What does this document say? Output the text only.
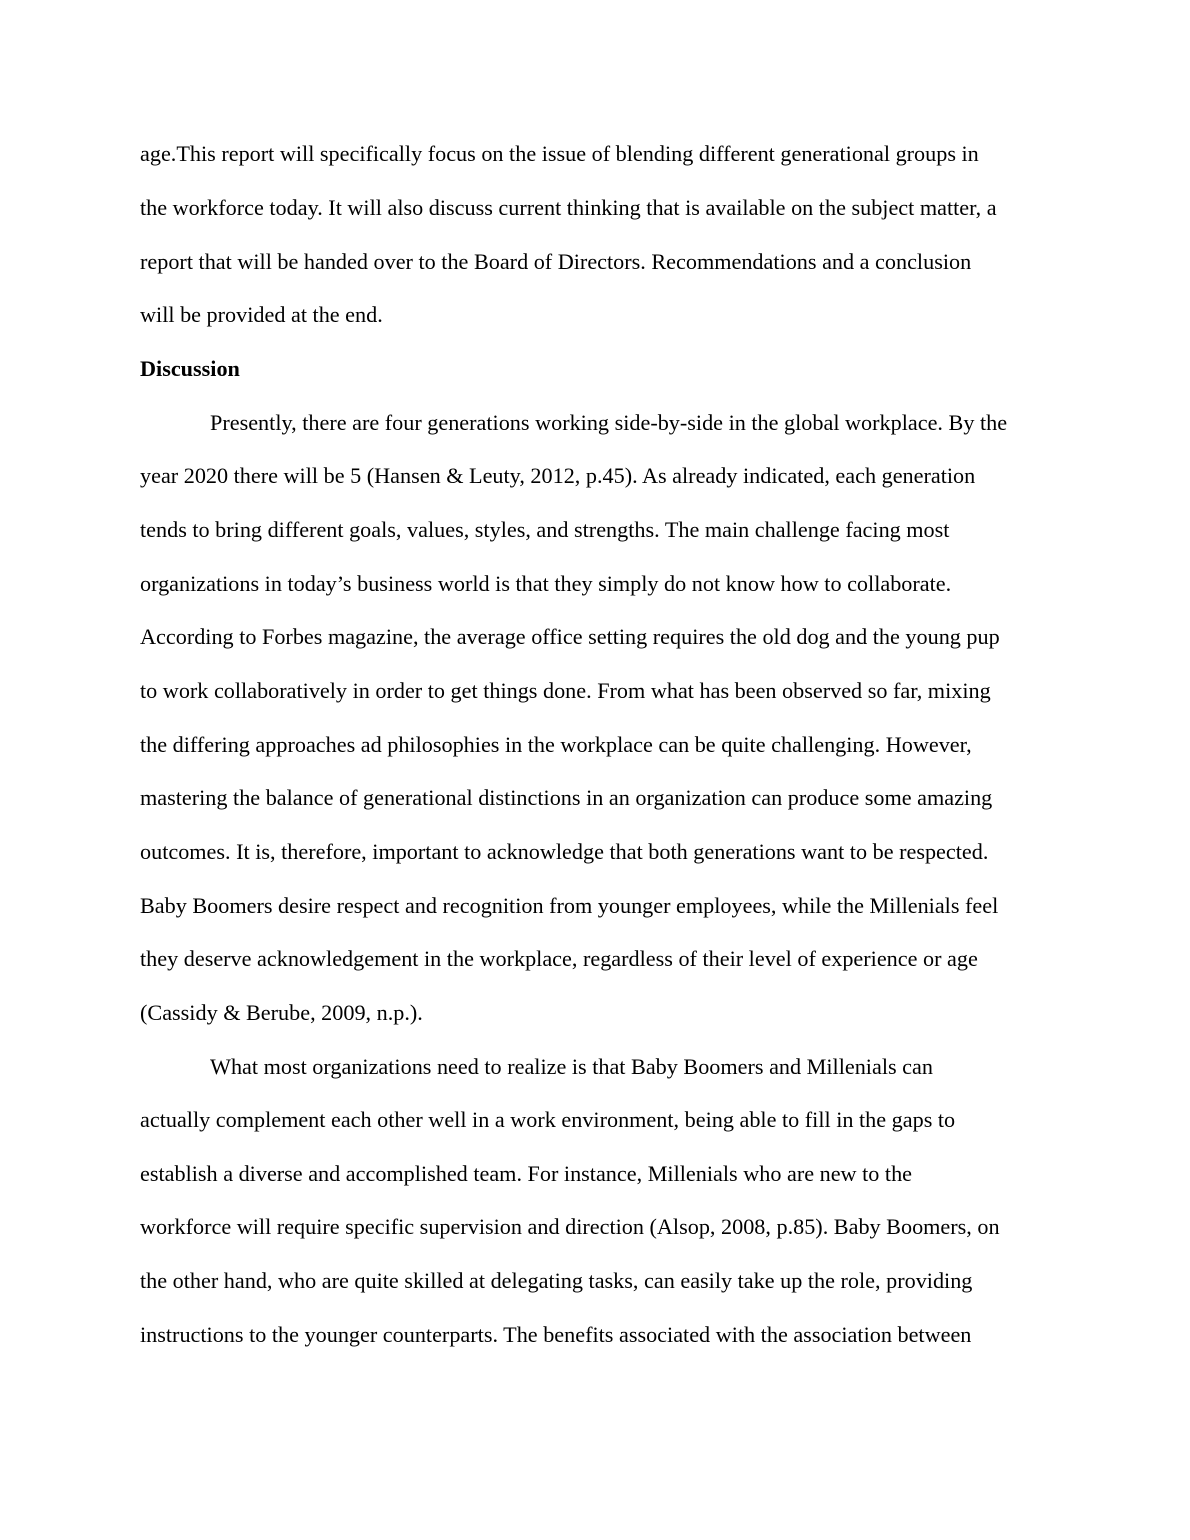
age.This report will specifically focus on the issue of blending different generational groups in
the workforce today. It will also discuss current thinking that is available on the subject matter, a
report that will be handed over to the Board of Directors. Recommendations and a conclusion
will be provided at the end.
Discussion
Presently, there are four generations working side-by-side in the global workplace. By the
year 2020 there will be 5 (Hansen & Leuty, 2012, p.45). As already indicated, each generation
tends to bring different goals, values, styles, and strengths. The main challenge facing most
organizations in today’s business world is that they simply do not know how to collaborate.
According to Forbes magazine, the average office setting requires the old dog and the young pup
to work collaboratively in order to get things done. From what has been observed so far, mixing
the differing approaches ad philosophies in the workplace can be quite challenging. However,
mastering the balance of generational distinctions in an organization can produce some amazing
outcomes. It is, therefore, important to acknowledge that both generations want to be respected.
Baby Boomers desire respect and recognition from younger employees, while the Millenials feel
they deserve acknowledgement in the workplace, regardless of their level of experience or age
(Cassidy & Berube, 2009, n.p.).
What most organizations need to realize is that Baby Boomers and Millenials can
actually complement each other well in a work environment, being able to fill in the gaps to
establish a diverse and accomplished team. For instance, Millenials who are new to the
workforce will require specific supervision and direction (Alsop, 2008, p.85). Baby Boomers, on
the other hand, who are quite skilled at delegating tasks, can easily take up the role, providing
instructions to the younger counterparts. The benefits associated with the association between
